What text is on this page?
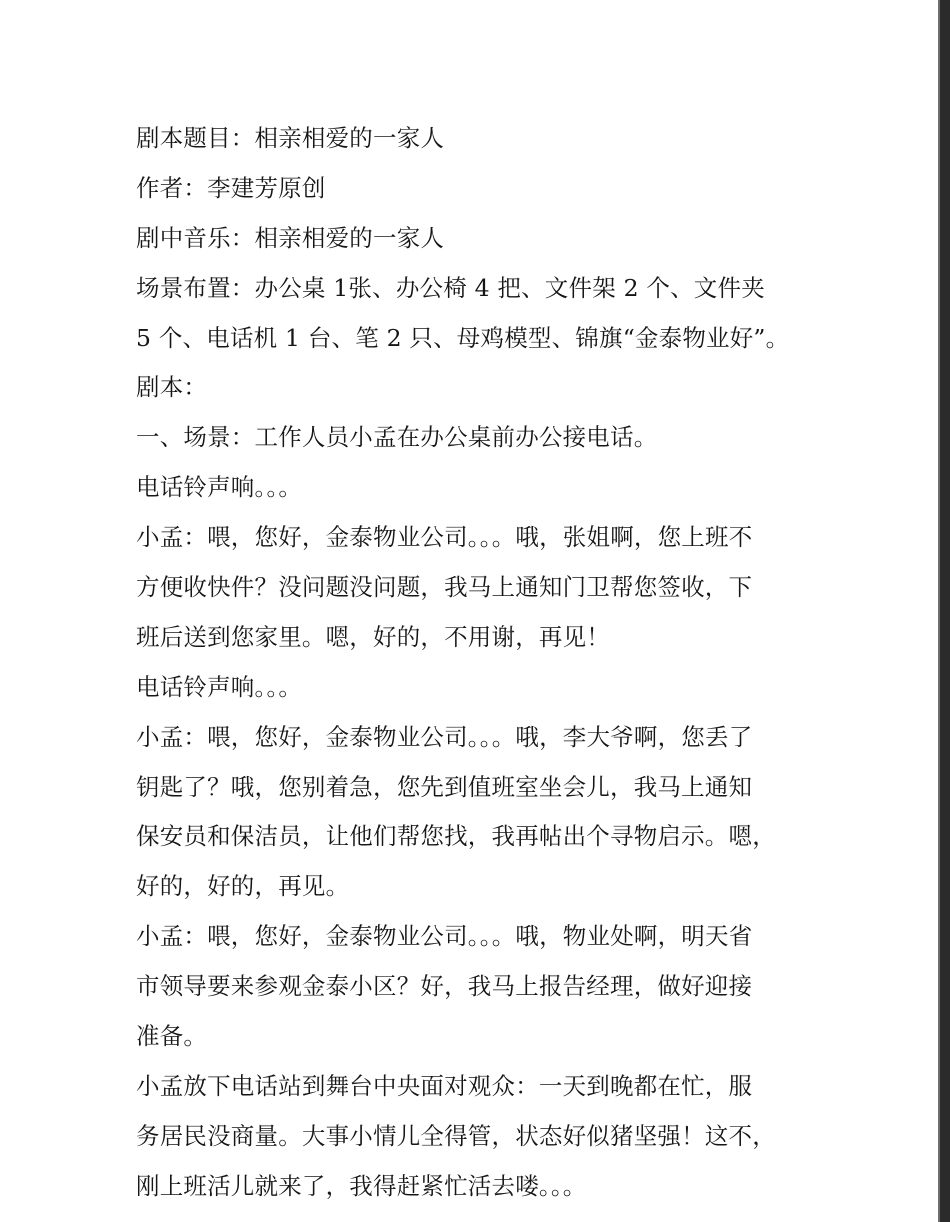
剧本题目：相亲相爱的一家人

作者：李建芳原创

剧中音乐：相亲相爱的一家人

场景布置：办公桌 1张、办公椅 4 把、文件架 2 个、文件夹

5 个、电话机 1 台、笔 2 只、母鸡模型、锦旗“金泰物业好”。

剧本：

一、场景：工作人员小孟在办公桌前办公接电话。

电话铃声响。。。

小孟：喂，您好，金泰物业公司。。。哦，张姐啊，您上班不

方便收快件？没问题没问题，我马上通知门卫帮您签收，下

班后送到您家里。嗯，好的，不用谢，再见！

电话铃声响。。。

小孟：喂，您好，金泰物业公司。。。哦，李大爷啊，您丢了

钥匙了？哦，您别着急，您先到值班室坐会儿，我马上通知

保安员和保洁员，让他们帮您找，我再帖出个寻物启示。嗯，

好的，好的，再见。

小孟：喂，您好，金泰物业公司。。。哦，物业处啊，明天省

市领导要来参观金泰小区？好，我马上报告经理，做好迎接

准备。

小孟放下电话站到舞台中央面对观众：一天到晚都在忙，服

务居民没商量。大事小情儿全得管，状态好似猪坚强！这不，

刚上班活儿就来了，我得赶紧忙活去喽。。。
